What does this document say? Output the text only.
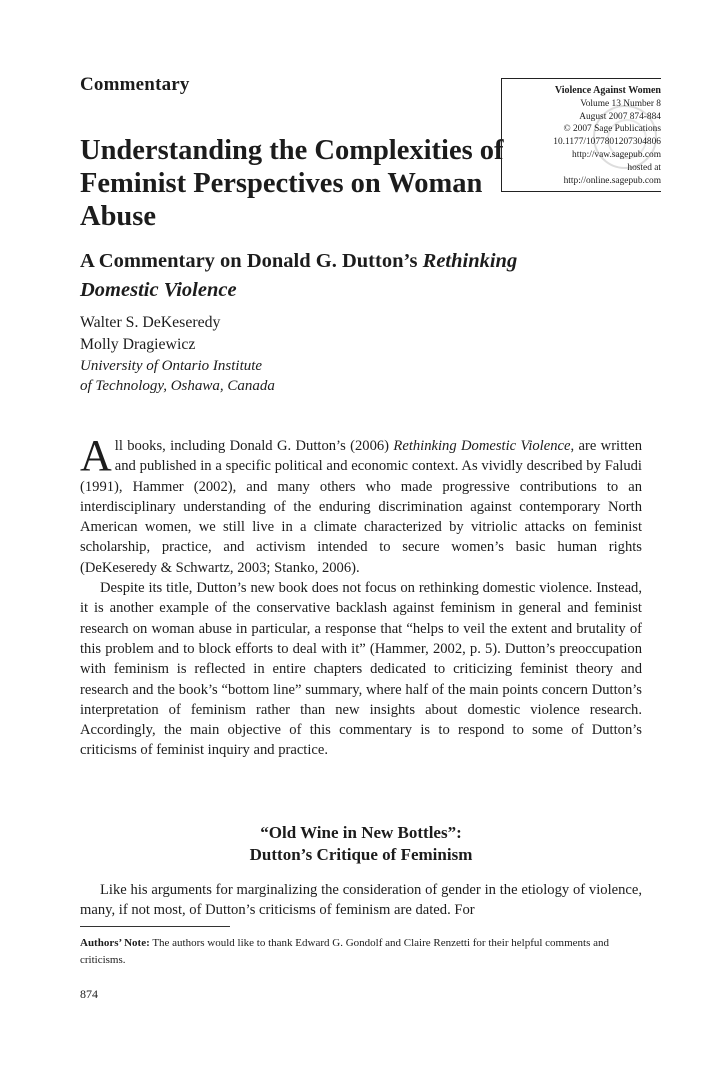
Commentary	Violence Against Women
Volume 13 Number 8
August 2007 874-884
© 2007 Sage Publications
10.1177/1077801207304806
http://vaw.sagepub.com
hosted at
http://online.sagepub.com
Understanding the Complexities of Feminist Perspectives on Woman Abuse
A Commentary on Donald G. Dutton’s Rethinking Domestic Violence
Walter S. DeKeseredy
Molly Dragiewicz
University of Ontario Institute
of Technology, Oshawa, Canada

All books, including Donald G. Dutton’s (2006) Rethinking Domestic Violence, are written and published in a specific political and economic context. As vividly described by Faludi (1991), Hammer (2002), and many others who made progressive contributions to an interdisciplinary understanding of the enduring discrimination against contemporary North American women, we still live in a climate characterized by vitriolic attacks on feminist scholarship, practice, and activism intended to secure women’s basic human rights (DeKeseredy & Schwartz, 2003; Stanko, 2006).

Despite its title, Dutton’s new book does not focus on rethinking domestic violence. Instead, it is another example of the conservative backlash against feminism in general and feminist research on woman abuse in particular, a response that “helps to veil the extent and brutality of this problem and to block efforts to deal with it” (Hammer, 2002, p. 5). Dutton’s preoccupation with feminism is reflected in entire chapters dedicated to criticizing feminist theory and research and the book’s “bottom line” summary, where half of the main points concern Dutton’s interpretation of feminism rather than new insights about domestic violence research. Accordingly, the main objective of this commentary is to respond to some of Dutton’s criticisms of feminist inquiry and practice.

“Old Wine in New Bottles”:
Dutton’s Critique of Feminism

Like his arguments for marginalizing the consideration of gender in the etiology of violence, many, if not most, of Dutton’s criticisms of feminism are dated. For

Authors’ Note: The authors would like to thank Edward G. Gondolf and Claire Renzetti for their helpful comments and criticisms.
874
